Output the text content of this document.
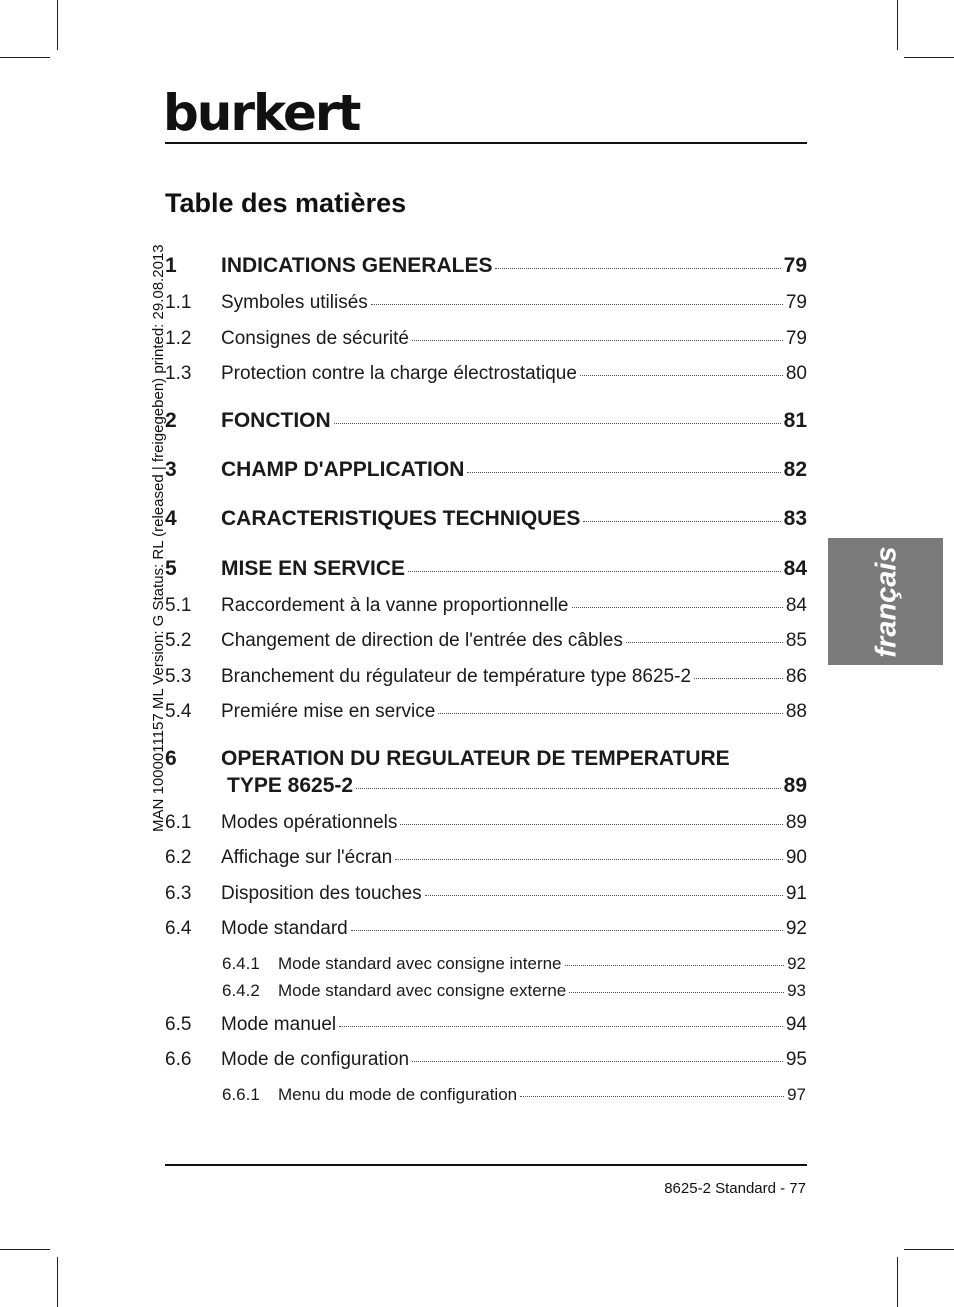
burkert
MAN 1000011157 ML Version: G Status: RL (released | freigegeben) printed: 29.08.2013	français
Table des matières
1	INDICATIONS GENERALES	79
1.1	Symboles utilisés	79
1.2	Consignes de sécurité	79
1.3	Protection contre la charge électrostatique	80
2	FONCTION	81
3	CHAMP D'APPLICATION	82
4	CARACTERISTIQUES TECHNIQUES	83
5	MISE EN SERVICE	84
5.1	Raccordement à la vanne proportionnelle	84
5.2	Changement de direction de l'entrée des câbles	85
5.3	Branchement du régulateur de température type 8625-2	86
5.4	Premiére mise en service	88
6	OPERATION DU REGULATEUR DE TEMPERATURE
TYPE 8625-2	89
6.1	Modes opérationnels	89
6.2	Affichage sur l'écran	90
6.3	Disposition des touches	91
6.4	Mode standard	92
6.4.1	Mode standard avec consigne interne	92
6.4.2	Mode standard avec consigne externe	93
6.5	Mode manuel	94
6.6	Mode de configuration	95
6.6.1	Menu du mode de configuration	97
8625-2 Standard - 77
